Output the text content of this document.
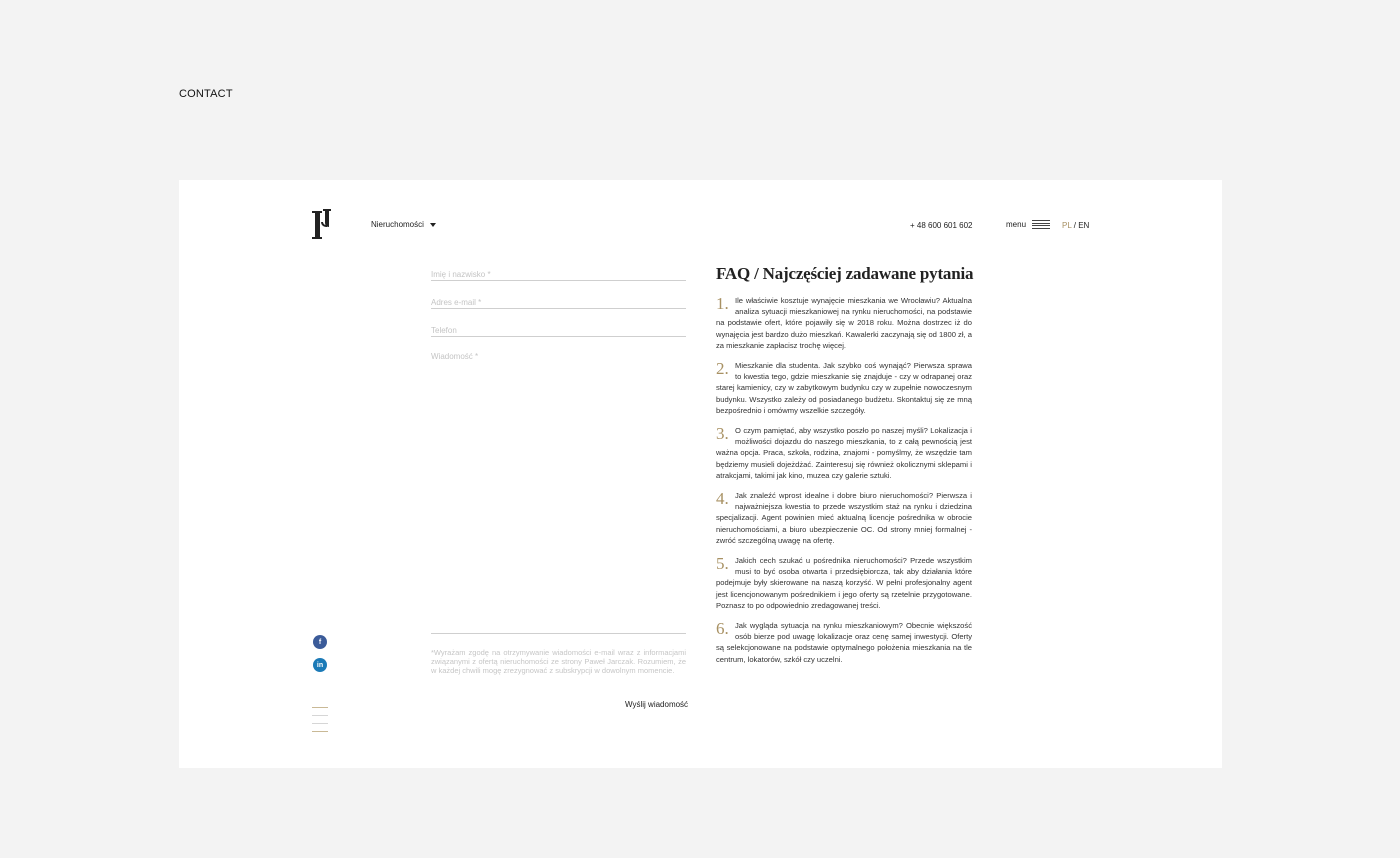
CONTACT
Nieruchomości	+ 48 600 601 602	menu	PL / EN
Imię i nazwisko *
Adres e-mail *
Telefon
Wiadomość *

*Wyrażam zgodę na otrzymywanie wiadomości e-mail wraz z informacjami związanymi z ofertą nieruchomości ze strony Paweł Jarczak. Rozumiem, że w każdej chwili mogę zrezygnować z subskrypcji w dowolnym momencie.

Wyślij wiadomość
f
in
FAQ / Najczęściej zadawane pytania
1. Ile właściwie kosztuje wynajęcie mieszkania we Wrocławiu? Aktualna analiza sytuacji mieszkaniowej na rynku nieruchomości, na podstawie na podstawie ofert, które pojawiły się w 2018 roku. Można dostrzec iż do wynajęcia jest bardzo dużo mieszkań. Kawalerki zaczynają się od 1800 zł, a za mieszkanie zapłacisz trochę więcej.
2. Mieszkanie dla studenta. Jak szybko coś wynająć? Pierwsza sprawa to kwestia tego, gdzie mieszkanie się znajduje - czy w odrapanej oraz starej kamienicy, czy w zabytkowym budynku czy w zupełnie nowoczesnym budynku. Wszystko zależy od posiadanego budżetu. Skontaktuj się ze mną bezpośrednio i omówmy wszelkie szczegóły.
3. O czym pamiętać, aby wszystko poszło po naszej myśli? Lokalizacja i możliwości dojazdu do naszego mieszkania, to z całą pewnością jest ważna opcja. Praca, szkoła, rodzina, znajomi - pomyślmy, że wszędzie tam będziemy musieli dojeżdżać. Zainteresuj się również okolicznymi sklepami i atrakcjami, takimi jak kino, muzea czy galerie sztuki.
4. Jak znaleźć wprost idealne i dobre biuro nieruchomości? Pierwsza i najważniejsza kwestia to przede wszystkim staż na rynku i dziedzina specjalizacji. Agent powinien mieć aktualną licencje pośrednika w obrocie nieruchomościami, a biuro ubezpieczenie OC. Od strony mniej formalnej - zwróć szczególną uwagę na ofertę.
5. Jakich cech szukać u pośrednika nieruchomości? Przede wszystkim musi to być osoba otwarta i przedsiębiorcza, tak aby działania które podejmuje były skierowane na naszą korzyść. W pełni profesjonalny agent jest licencjonowanym pośrednikiem i jego oferty są rzetelnie przygotowane. Poznasz to po odpowiednio zredagowanej treści.
6. Jak wygląda sytuacja na rynku mieszkaniowym? Obecnie większość osób bierze pod uwagę lokalizacje oraz cenę samej inwestycji. Oferty są selekcjonowane na podstawie optymalnego położenia mieszkania na tle centrum, lokatorów, szkół czy uczelni.
